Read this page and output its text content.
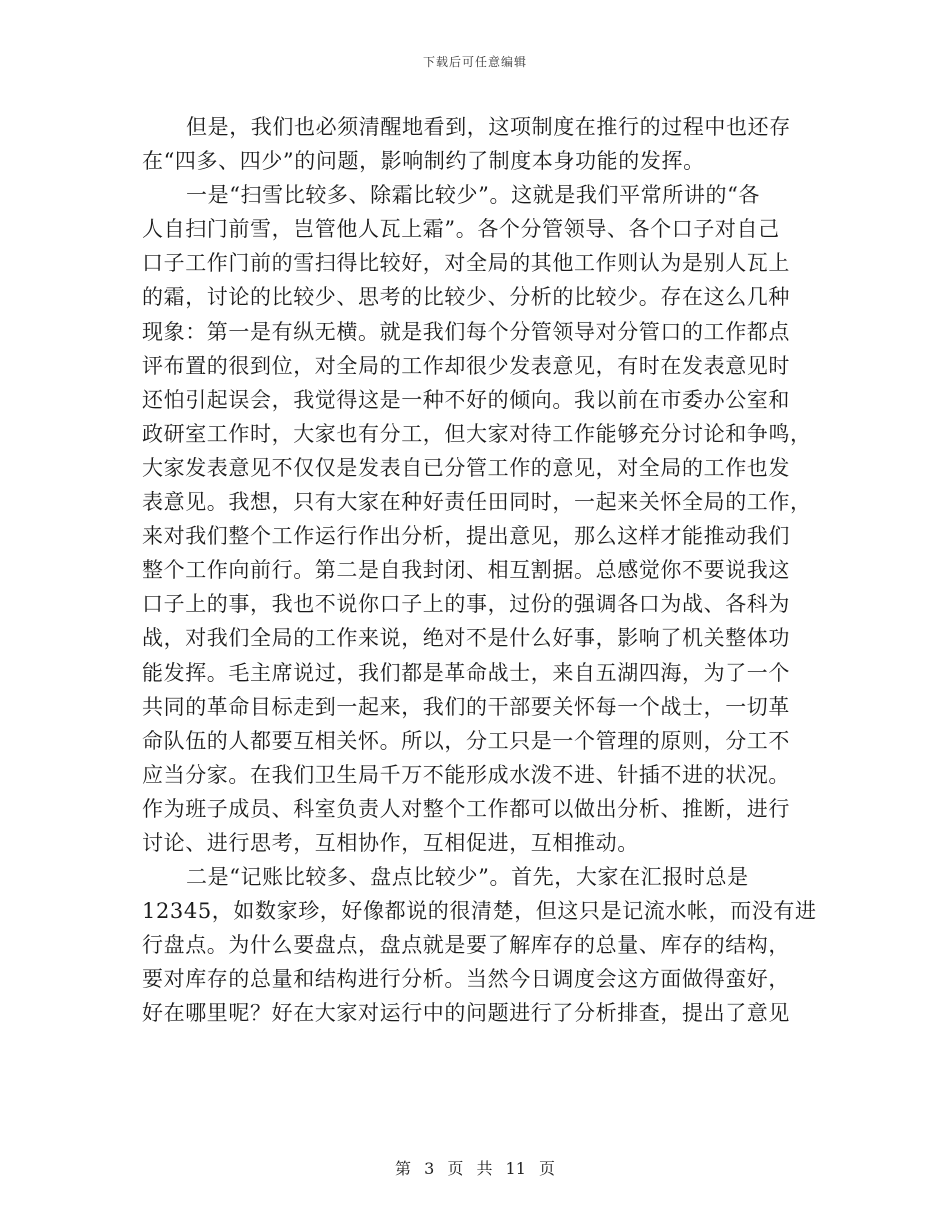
下载后可任意编辑
但是，我们也必须清醒地看到，这项制度在推行的过程中也还存
在“四多、四少”的问题，影响制约了制度本身功能的发挥。
一是“扫雪比较多、除霜比较少”。这就是我们平常所讲的“各
人自扫门前雪，岂管他人瓦上霜”。各个分管领导、各个口子对自己
口子工作门前的雪扫得比较好，对全局的其他工作则认为是别人瓦上
的霜，讨论的比较少、思考的比较少、分析的比较少。存在这么几种
现象：第一是有纵无横。就是我们每个分管领导对分管口的工作都点
评布置的很到位，对全局的工作却很少发表意见，有时在发表意见时
还怕引起误会，我觉得这是一种不好的倾向。我以前在市委办公室和
政研室工作时，大家也有分工，但大家对待工作能够充分讨论和争鸣，
大家发表意见不仅仅是发表自已分管工作的意见，对全局的工作也发
表意见。我想，只有大家在种好责任田同时，一起来关怀全局的工作，
来对我们整个工作运行作出分析，提出意见，那么这样才能推动我们
整个工作向前行。第二是自我封闭、相互割据。总感觉你不要说我这
口子上的事，我也不说你口子上的事，过份的强调各口为战、各科为
战，对我们全局的工作来说，绝对不是什么好事，影响了机关整体功
能发挥。毛主席说过，我们都是革命战士，来自五湖四海，为了一个
共同的革命目标走到一起来，我们的干部要关怀每一个战士，一切革
命队伍的人都要互相关怀。所以，分工只是一个管理的原则，分工不
应当分家。在我们卫生局千万不能形成水泼不进、针插不进的状况。
作为班子成员、科室负责人对整个工作都可以做出分析、推断，进行
讨论、进行思考，互相协作，互相促进，互相推动。
二是“记账比较多、盘点比较少”。首先，大家在汇报时总是
12345，如数家珍，好像都说的很清楚，但这只是记流水帐，而没有进
行盘点。为什么要盘点，盘点就是要了解库存的总量、库存的结构，
要对库存的总量和结构进行分析。当然今日调度会这方面做得蛮好，
好在哪里呢？好在大家对运行中的问题进行了分析排查，提出了意见
第 3 页 共 11 页
